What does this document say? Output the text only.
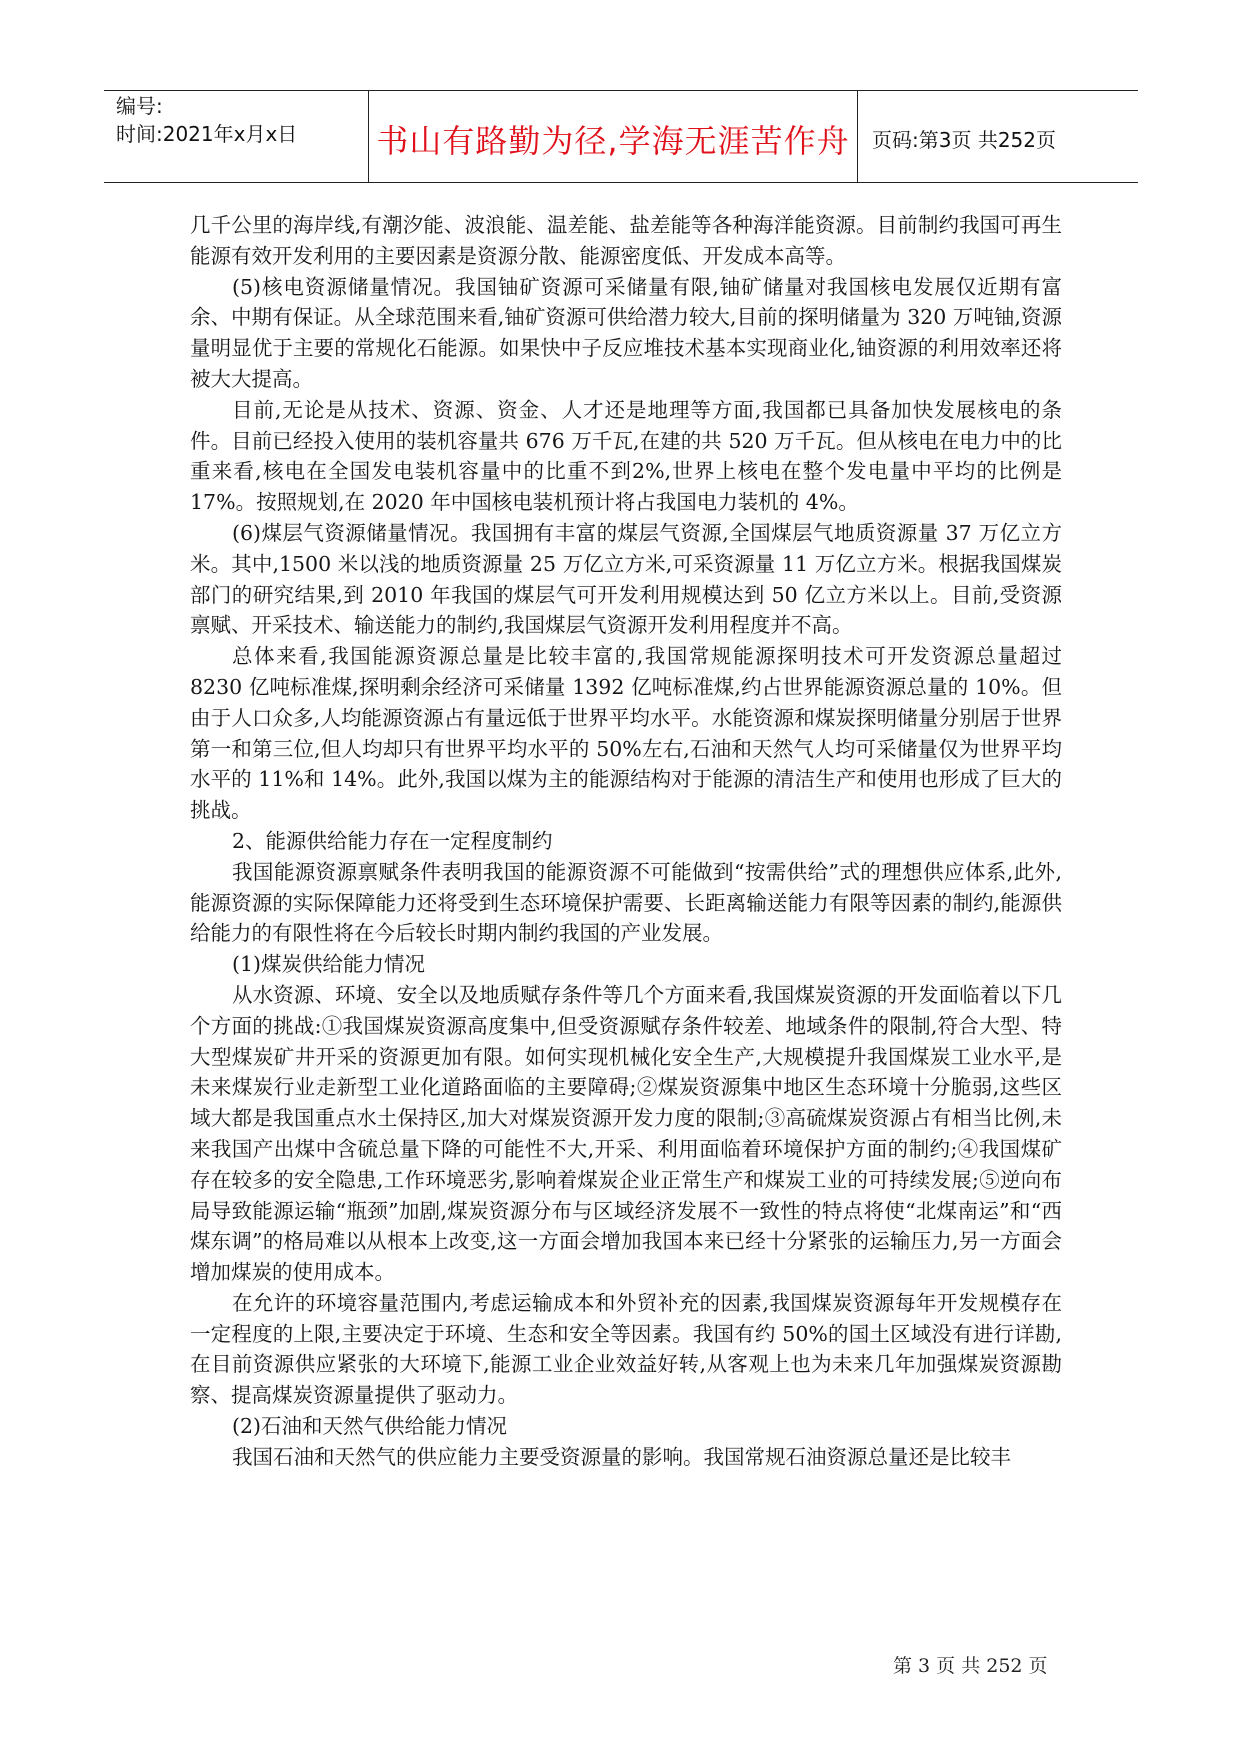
编号:
时间:2021年x月x日 书山有路勤为径,学海无涯苦作舟	页码:第3页 共252页

几千公里的海岸线,有潮汐能、波浪能、温差能、盐差能等各种海洋能资源。目前制约我国可再生能源有效开发利用的主要因素是资源分散、能源密度低、开发成本高等。

(5)核电资源储量情况。我国铀矿资源可采储量有限,铀矿储量对我国核电发展仅近期有富余、中期有保证。从全球范围来看,铀矿资源可供给潜力较大,目前的探明储量为 320 万吨铀,资源量明显优于主要的常规化石能源。如果快中子反应堆技术基本实现商业化,铀资源的利用效率还将被大大提高。

目前,无论是从技术、资源、资金、人才还是地理等方面,我国都已具备加快发展核电的条件。目前已经投入使用的装机容量共 676 万千瓦,在建的共 520 万千瓦。但从核电在电力中的比重来看,核电在全国发电装机容量中的比重不到2%,世界上核电在整个发电量中平均的比例是 17%。按照规划,在 2020 年中国核电装机预计将占我国电力装机的 4%。

(6)煤层气资源储量情况。我国拥有丰富的煤层气资源,全国煤层气地质资源量 37 万亿立方米。其中,1500 米以浅的地质资源量 25 万亿立方米,可采资源量 11 万亿立方米。根据我国煤炭部门的研究结果,到 2010 年我国的煤层气可开发利用规模达到 50 亿立方米以上。目前,受资源禀赋、开采技术、输送能力的制约,我国煤层气资源开发利用程度并不高。

总体来看,我国能源资源总量是比较丰富的,我国常规能源探明技术可开发资源总量超过 8230 亿吨标准煤,探明剩余经济可采储量 1392 亿吨标准煤,约占世界能源资源总量的 10%。但由于人口众多,人均能源资源占有量远低于世界平均水平。水能资源和煤炭探明储量分别居于世界第一和第三位,但人均却只有世界平均水平的 50%左右,石油和天然气人均可采储量仅为世界平均水平的 11%和 14%。此外,我国以煤为主的能源结构对于能源的清洁生产和使用也形成了巨大的挑战。

2、能源供给能力存在一定程度制约

我国能源资源禀赋条件表明我国的能源资源不可能做到“按需供给”式的理想供应体系,此外,能源资源的实际保障能力还将受到生态环境保护需要、长距离输送能力有限等因素的制约,能源供给能力的有限性将在今后较长时期内制约我国的产业发展。

(1)煤炭供给能力情况

从水资源、环境、安全以及地质赋存条件等几个方面来看,我国煤炭资源的开发面临着以下几个方面的挑战:①我国煤炭资源高度集中,但受资源赋存条件较差、地域条件的限制,符合大型、特大型煤炭矿井开采的资源更加有限。如何实现机械化安全生产,大规模提升我国煤炭工业水平,是未来煤炭行业走新型工业化道路面临的主要障碍;②煤炭资源集中地区生态环境十分脆弱,这些区域大都是我国重点水土保持区,加大对煤炭资源开发力度的限制;③高硫煤炭资源占有相当比例,未来我国产出煤中含硫总量下降的可能性不大,开采、利用面临着环境保护方面的制约;④我国煤矿存在较多的安全隐患,工作环境恶劣,影响着煤炭企业正常生产和煤炭工业的可持续发展;⑤逆向布局导致能源运输“瓶颈”加剧,煤炭资源分布与区域经济发展不一致性的特点将使“北煤南运”和“西煤东调”的格局难以从根本上改变,这一方面会增加我国本来已经十分紧张的运输压力,另一方面会增加煤炭的使用成本。

在允许的环境容量范围内,考虑运输成本和外贸补充的因素,我国煤炭资源每年开发规模存在一定程度的上限,主要决定于环境、生态和安全等因素。我国有约 50%的国土区域没有进行详勘,在目前资源供应紧张的大环境下,能源工业企业效益好转,从客观上也为未来几年加强煤炭资源勘察、提高煤炭资源量提供了驱动力。

(2)石油和天然气供给能力情况

我国石油和天然气的供应能力主要受资源量的影响。我国常规石油资源总量还是比较丰

第 3 页 共 252 页
